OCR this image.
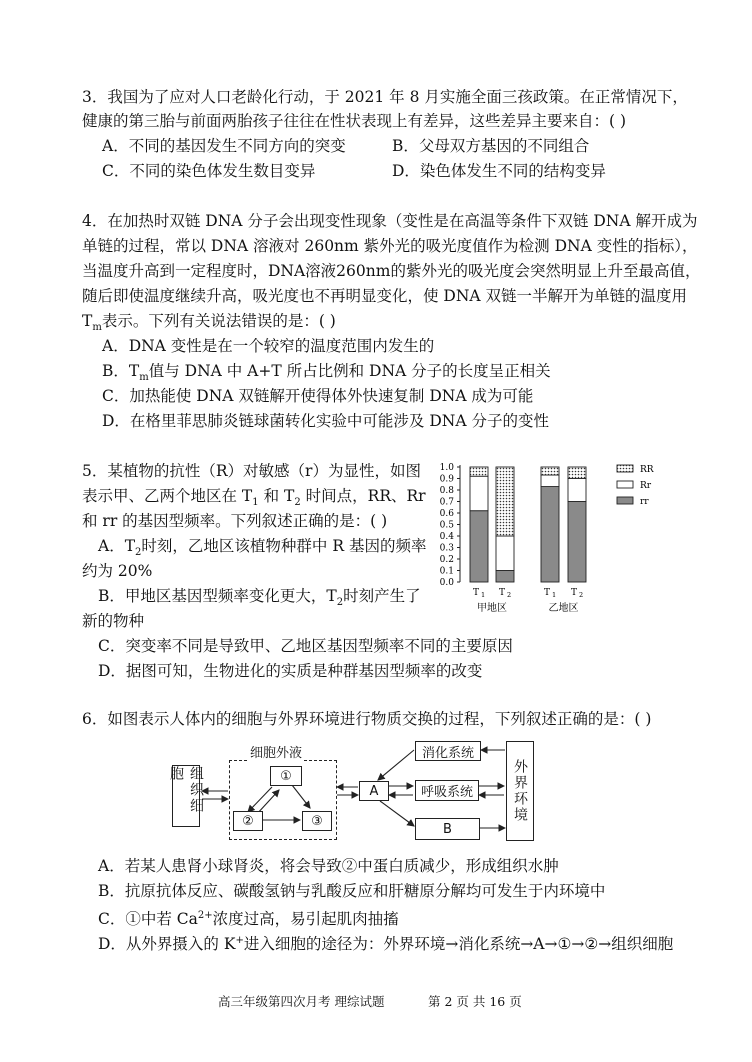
3．我国为了应对人口老龄化行动，于 2021 年 8 月实施全面三孩政策。在正常情况下，
健康的第三胎与前面两胎孩子往往在性状表现上有差异，这些差异主要来自：( )
A．不同的基因发生不同方向的突变	B．父母双方基因的不同组合
C．不同的染色体发生数目变异	D．染色体发生不同的结构变异
4．在加热时双链 DNA 分子会出现变性现象（变性是在高温等条件下双链 DNA 解开成为
单链的过程，常以 DNA 溶液对 260nm 紫外光的吸光度值作为检测 DNA 变性的指标），
当温度升高到一定程度时，DNA溶液260nm的紫外光的吸光度会突然明显上升至最高值，
随后即使温度继续升高，吸光度也不再明显变化，使 DNA 双链一半解开为单链的温度用
$T_m$表示。下列有关说法错误的是：( )
A．DNA 变性是在一个较窄的温度范围内发生的
B．$T_m$值与 DNA 中 A+T 所占比例和 DNA 分子的长度呈正相关
C．加热能使 DNA 双链解开使得体外快速复制 DNA 成为可能
D．在格里菲思肺炎链球菌转化实验中可能涉及 DNA 分子的变性
5．某植物的抗性（R）对敏感（r）为显性，如图
表示甲、乙两个地区在 $T_1$ 和 $T_2$ 时间点，RR、Rr
和 rr 的基因型频率。下列叙述正确的是：( )
A．$T_2$时刻，乙地区该植物种群中 R 基因的频率
约为 20%
B．甲地区基因型频率变化更大，$T_2$时刻产生了
新的物种
C．突变率不同是导致甲、乙地区基因型频率不同的主要原因
D．据图可知，生物进化的实质是种群基因型频率的改变
0.0
0.1
0.2
0.3
0.4
0.5
0.6
0.7
0.8
0.9
1.0
T 1 T 2	T 1 T 2
甲地区	乙地区
RR
Rr
rr
6．如图表示人体内的细胞与外界环境进行物质交换的过程，下列叙述正确的是：( )
组织细胞
细胞外液
①
②	③
A
消化系统
呼吸系统
B
外界环境
A．若某人患肾小球肾炎，将会导致②中蛋白质减少，形成组织水肿
B．抗原抗体反应、碳酸氢钠与乳酸反应和肝糖原分解均可发生于内环境中
C．①中若 $Ca^{2+}$浓度过高，易引起肌肉抽搐
D．从外界摄入的 K+进入细胞的途径为：外界环境→消化系统→A→①→②→组织细胞
高三年级第四次月考 理综试题	第 2 页 共 16 页
